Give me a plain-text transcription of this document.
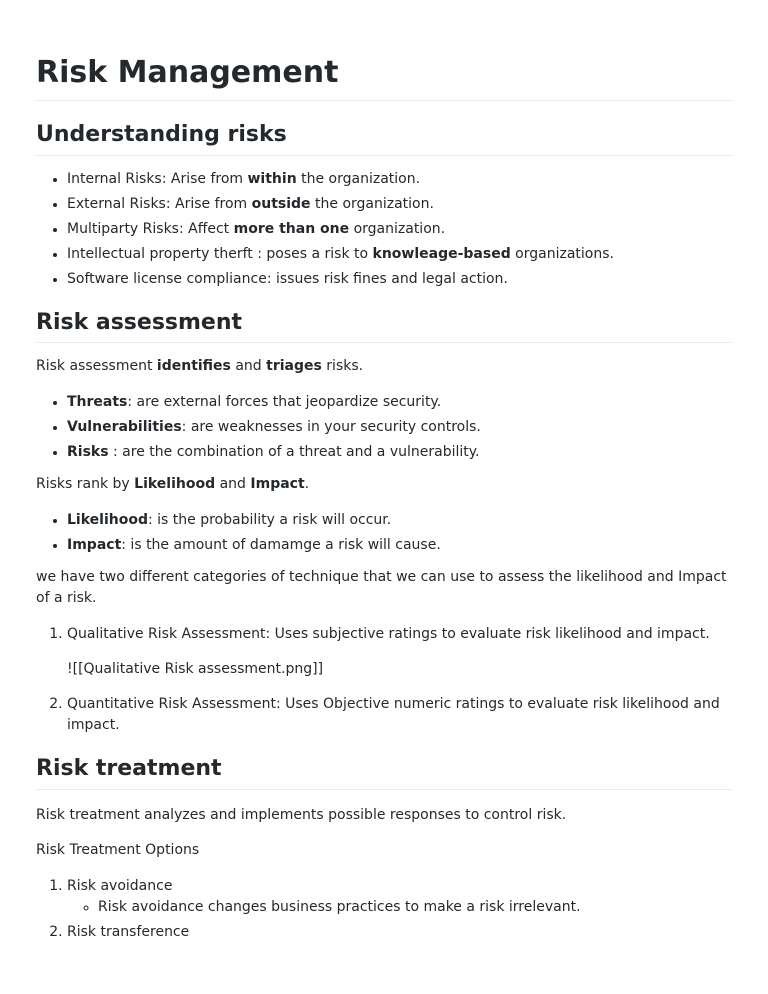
Risk Management
Understanding risks
• Internal Risks: Arise from within the organization.
• External Risks: Arise from outside the organization.
• Multiparty Risks: Affect more than one organization.
• Intellectual property therft : poses a risk to knowleage-based organizations.
• Software license compliance: issues risk fines and legal action.
Risk assessment

Risk assessment identifies and triages risks.

• Threats: are external forces that jeopardize security.
• Vulnerabilities: are weaknesses in your security controls.
• Risks : are the combination of a threat and a vulnerability.

Risks rank by Likelihood and Impact.

• Likelihood: is the probability a risk will occur.
• Impact: is the amount of damamge a risk will cause.

we have two different categories of technique that we can use to assess the likelihood and Impact of a risk.

1. Qualitative Risk Assessment: Uses subjective ratings to evaluate risk likelihood and impact.

![[Qualitative Risk assessment.png]]

2. Quantitative Risk Assessment: Uses Objective numeric ratings to evaluate risk likelihood and impact.
Risk treatment

Risk treatment analyzes and implements possible responses to control risk.

Risk Treatment Options

1. Risk avoidance
◦ Risk avoidance changes business practices to make a risk irrelevant.
2. Risk transference
